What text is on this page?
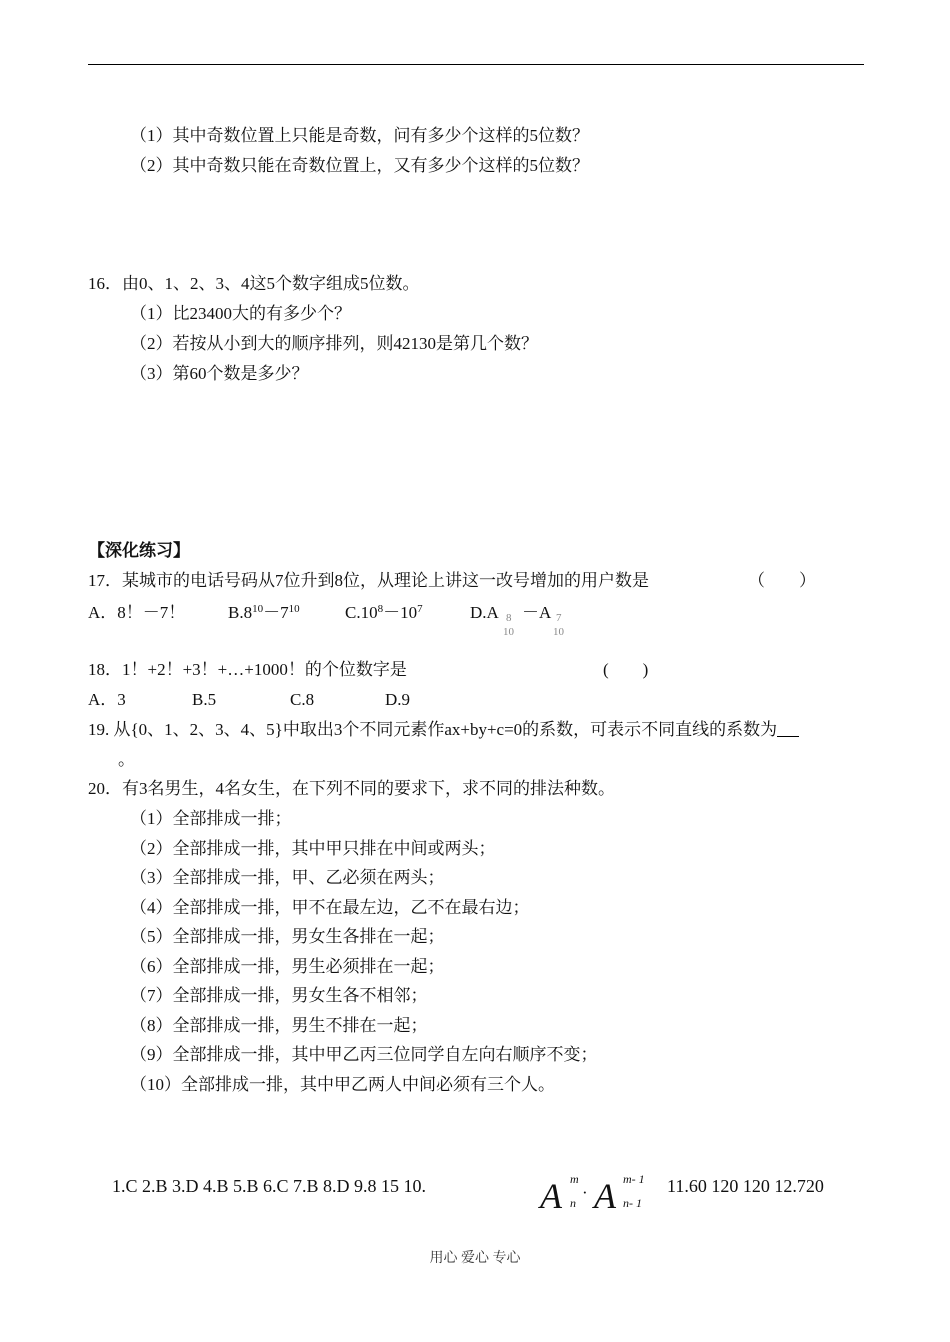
（1）其中奇数位置上只能是奇数，问有多少个这样的5位数？
（2）其中奇数只能在奇数位置上，又有多少个这样的5位数？
16．由0、1、2、3、4这5个数字组成5位数。
（1）比23400大的有多少个？
（2）若按从小到大的顺序排列，则42130是第几个数？
（3）第60个数是多少？
【深化练习】
17．某城市的电话号码从7位升到8位，从理论上讲这一改号增加的用户数是	（　　）
A．8！－7！	$B.8^{10}-7^{10}$	$C.10^8-10^7$	D.A 8
10
－A 7
10
18．1！+2！+3！+…+1000！的个位数字是	(　　)
A．3	B.5	C.8	D.9
19. 从{0、1、2、3、4、5}中取出3个不同元素作ax+by+c=0的系数，可表示不同直线的系数为
。
20．有3名男生，4名女生，在下列不同的要求下，求不同的排法种数。
（1）全部排成一排；
（2）全部排成一排，其中甲只排在中间或两头；
（3）全部排成一排，甲、乙必须在两头；
（4）全部排成一排，甲不在最左边，乙不在最右边；
（5）全部排成一排，男女生各排在一起；
（6）全部排成一排，男生必须排在一起；
（7）全部排成一排，男女生各不相邻；
（8）全部排成一排，男生不排在一起；
（9）全部排成一排，其中甲乙丙三位同学自左向右顺序不变；
（10）全部排成一排，其中甲乙两人中间必须有三个人。
1.C 2.B 3.D 4.B 5.B 6.C 7.B 8.D 9.8 15 10.	A m
n
· A m- 1
n- 1
11.60 120 120 12.720
用心 爱心 专心
